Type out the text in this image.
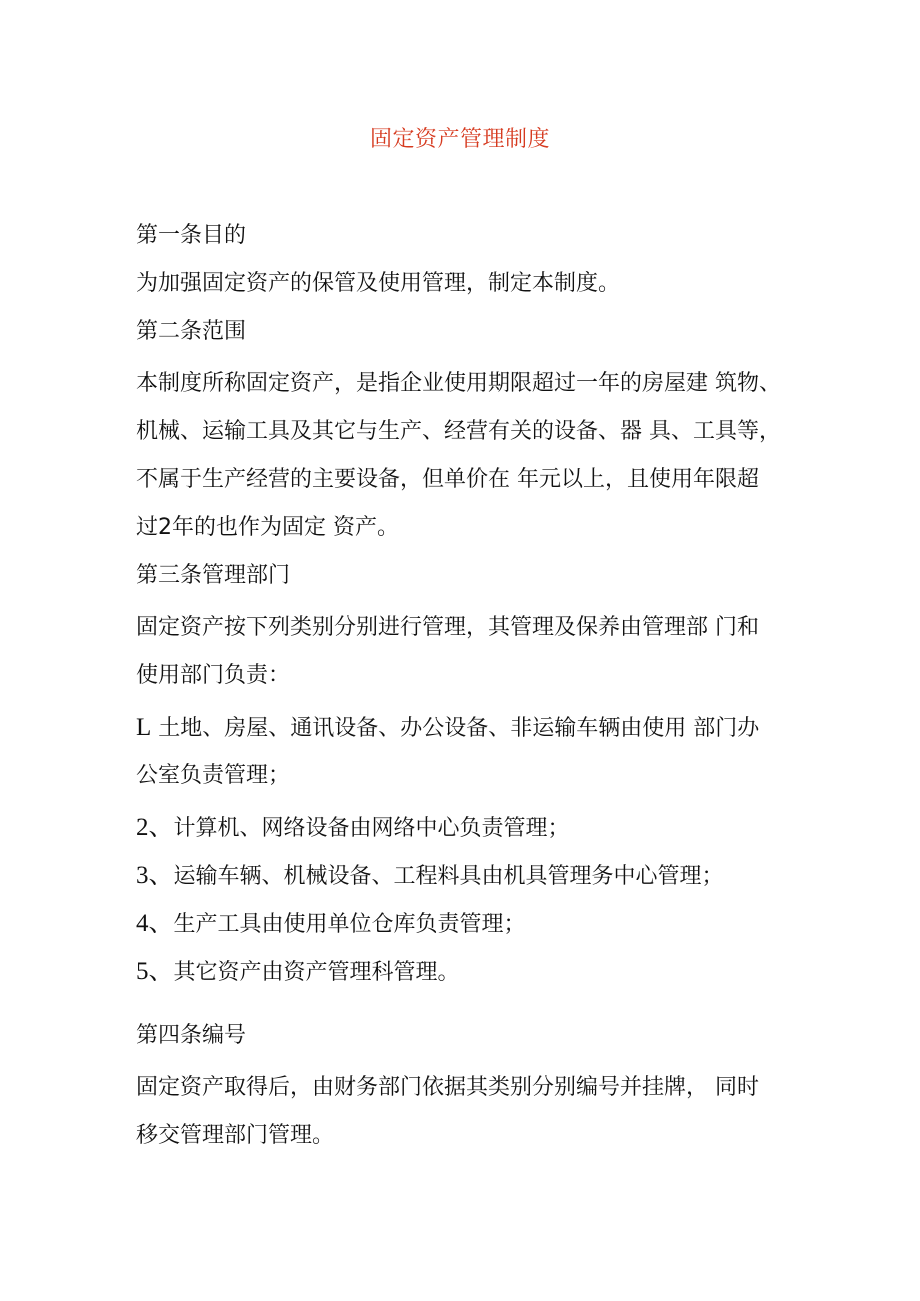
固定资产管理制度
第一条目的
为加强固定资产的保管及使用管理，制定本制度。
第二条范围
本制度所称固定资产，是指企业使用期限超过一年的房屋建 筑物、
机械、运输工具及其它与生产、经营有关的设备、器 具、工具等，
不属于生产经营的主要设备，但单价在 年元以上，且使用年限超
过2年的也作为固定 资产。
第三条管理部门
固定资产按下列类别分别进行管理，其管理及保养由管理部 门和
使用部门负责：
L 土地、房屋、通讯设备、办公设备、非运输车辆由使用 部门办
公室负责管理；
2、计算机、网络设备由网络中心负责管理；
3、运输车辆、机械设备、工程料具由机具管理务中心管理；
4、生产工具由使用单位仓库负责管理；
5、其它资产由资产管理科管理。
第四条编号
固定资产取得后，由财务部门依据其类别分别编号并挂牌， 同时
移交管理部门管理。
